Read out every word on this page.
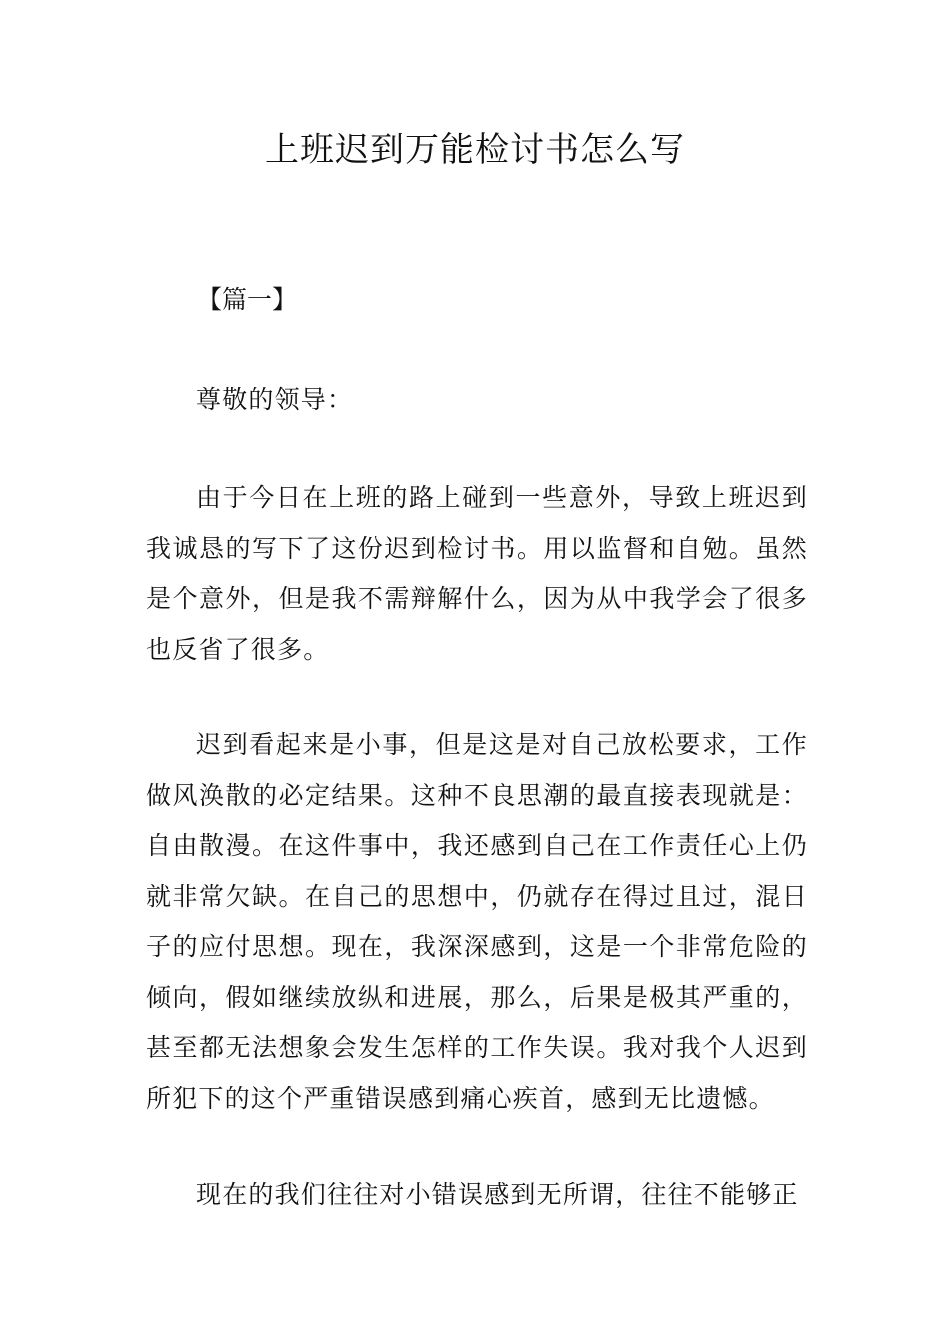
上班迟到万能检讨书怎么写

【篇一】

尊敬的领导：

由于今日在上班的路上碰到一些意外，导致上班迟到我诚恳的写下了这份迟到检讨书。用以监督和自勉。虽然是个意外，但是我不需辩解什么，因为从中我学会了很多也反省了很多。

迟到看起来是小事，但是这是对自己放松要求，工作做风涣散的必定结果。这种不良思潮的最直接表现就是：自由散漫。在这件事中，我还感到自己在工作责任心上仍就非常欠缺。在自己的思想中，仍就存在得过且过，混日子的应付思想。现在，我深深感到，这是一个非常危险的倾向，假如继续放纵和进展，那么，后果是极其严重的，甚至都无法想象会发生怎样的工作失误。我对我个人迟到所犯下的这个严重错误感到痛心疾首，感到无比遗憾。

现在的我们往往对小错误感到无所谓，往往不能够正
